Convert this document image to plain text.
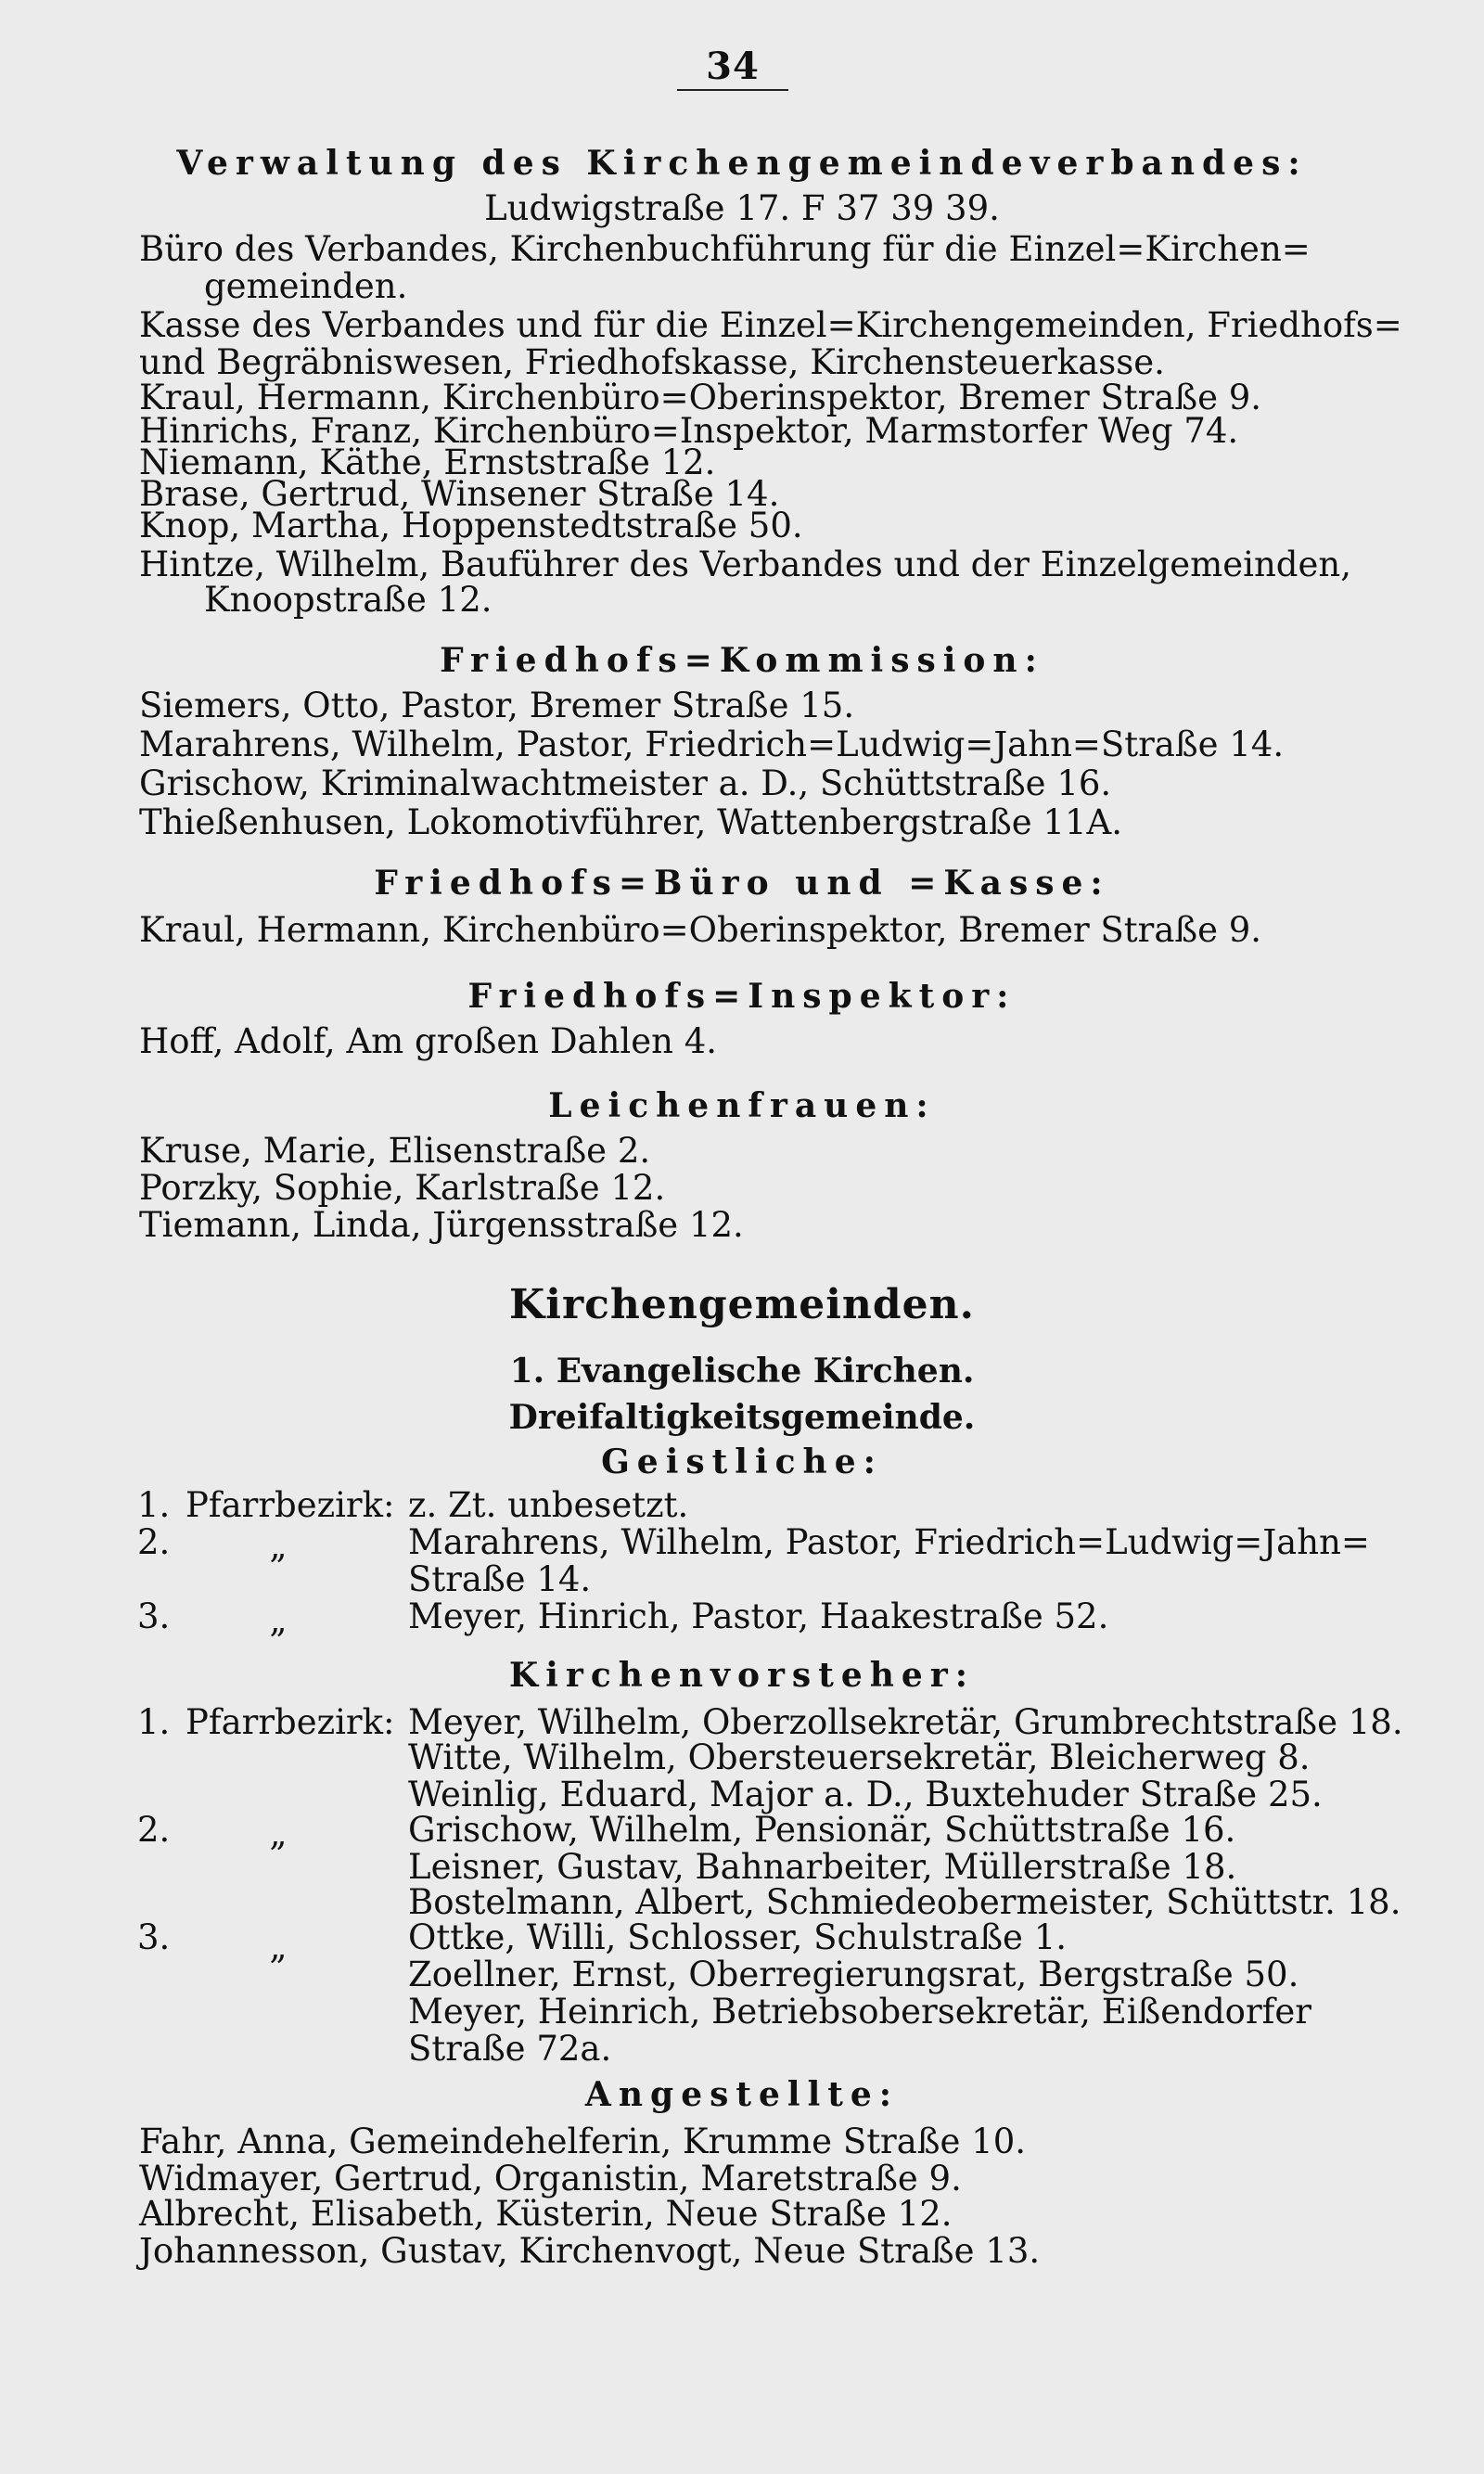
34
Verwaltung des Kirchengemeindeverbandes:
Ludwigstraße 17. F 37 39 39.
Büro des Verbandes, Kirchenbuchführung für die Einzel=Kirchen=
gemeinden.
Kasse des Verbandes und für die Einzel=Kirchengemeinden, Friedhofs=
und Begräbniswesen, Friedhofskasse, Kirchensteuerkasse.
Kraul, Hermann, Kirchenbüro=Oberinspektor, Bremer Straße 9.
Hinrichs, Franz, Kirchenbüro=Inspektor, Marmstorfer Weg 74.
Niemann, Käthe, Ernststraße 12.
Brase, Gertrud, Winsener Straße 14.
Knop, Martha, Hoppenstedtstraße 50.
Hintze, Wilhelm, Bauführer des Verbandes und der Einzelgemeinden,
Knoopstraße 12.
Friedhofs=Kommission:
Siemers, Otto, Pastor, Bremer Straße 15.
Marahrens, Wilhelm, Pastor, Friedrich=Ludwig=Jahn=Straße 14.
Grischow, Kriminalwachtmeister a. D., Schüttstraße 16.
Thießenhusen, Lokomotivführer, Wattenbergstraße 11A.
Friedhofs=Büro und =Kasse:
Kraul, Hermann, Kirchenbüro=Oberinspektor, Bremer Straße 9.
Friedhofs=Inspektor:
Hoff, Adolf, Am großen Dahlen 4.
Leichenfrauen:
Kruse, Marie, Elisenstraße 2.
Porzky, Sophie, Karlstraße 12.
Tiemann, Linda, Jürgensstraße 12.
Kirchengemeinden.
1. Evangelische Kirchen.
Dreifaltigkeitsgemeinde.
Geistliche:
1. Pfarrbezirk: z. Zt. unbesetzt.
2.	„	Marahrens, Wilhelm, Pastor, Friedrich=Ludwig=Jahn=
Straße 14.
3.	„	Meyer, Hinrich, Pastor, Haakestraße 52.
Kirchenvorsteher:
1. Pfarrbezirk: Meyer, Wilhelm, Oberzollsekretär, Grumbrechtstraße 18.
Witte, Wilhelm, Obersteuersekretär, Bleicherweg 8.
Weinlig, Eduard, Major a. D., Buxtehuder Straße 25.
2.	„	Grischow, Wilhelm, Pensionär, Schüttstraße 16.
Leisner, Gustav, Bahnarbeiter, Müllerstraße 18.
Bostelmann, Albert, Schmiedeobermeister, Schüttstr. 18.
3.	„	Ottke, Willi, Schlosser, Schulstraße 1.
Zoellner, Ernst, Oberregierungsrat, Bergstraße 50.
Meyer, Heinrich, Betriebsobersekretär, Eißendorfer
Straße 72a.
Angestellte:
Fahr, Anna, Gemeindehelferin, Krumme Straße 10.
Widmayer, Gertrud, Organistin, Maretstraße 9.
Albrecht, Elisabeth, Küsterin, Neue Straße 12.
Johannesson, Gustav, Kirchenvogt, Neue Straße 13.
